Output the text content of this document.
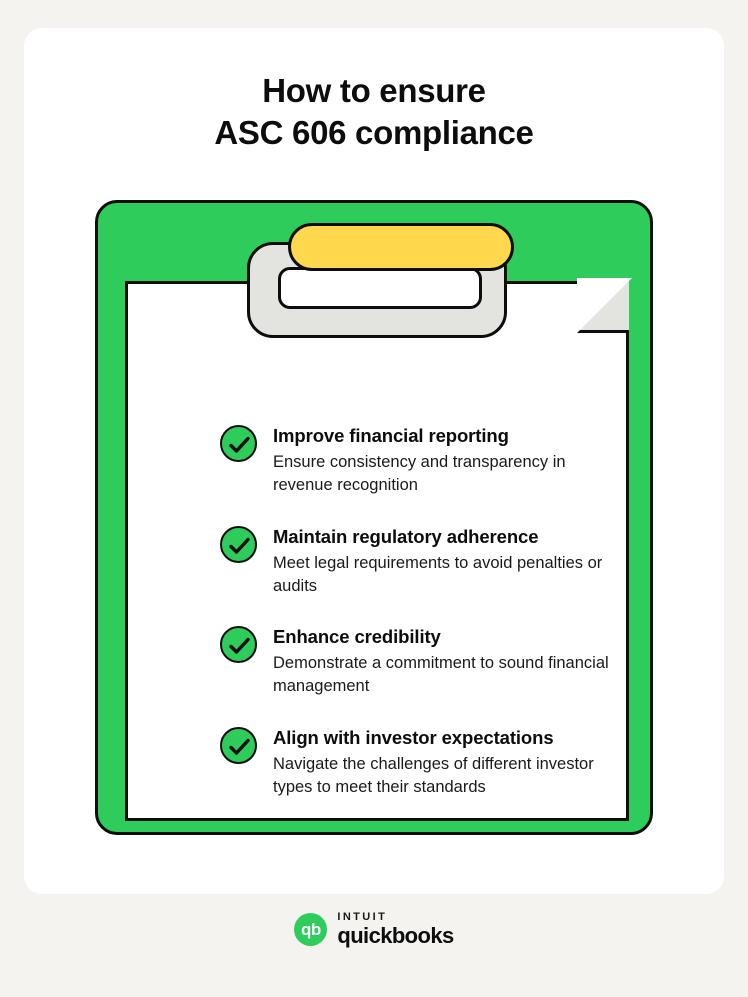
How to ensure
ASC 606 compliance
Improve financial reporting
Ensure consistency and transparency in revenue recognition
Maintain regulatory adherence
Meet legal requirements to avoid penalties or audits
Enhance credibility
Demonstrate a commitment to sound financial management
Align with investor expectations
Navigate the challenges of different investor types to meet their standards
qb
INTUIT
quickbooks
